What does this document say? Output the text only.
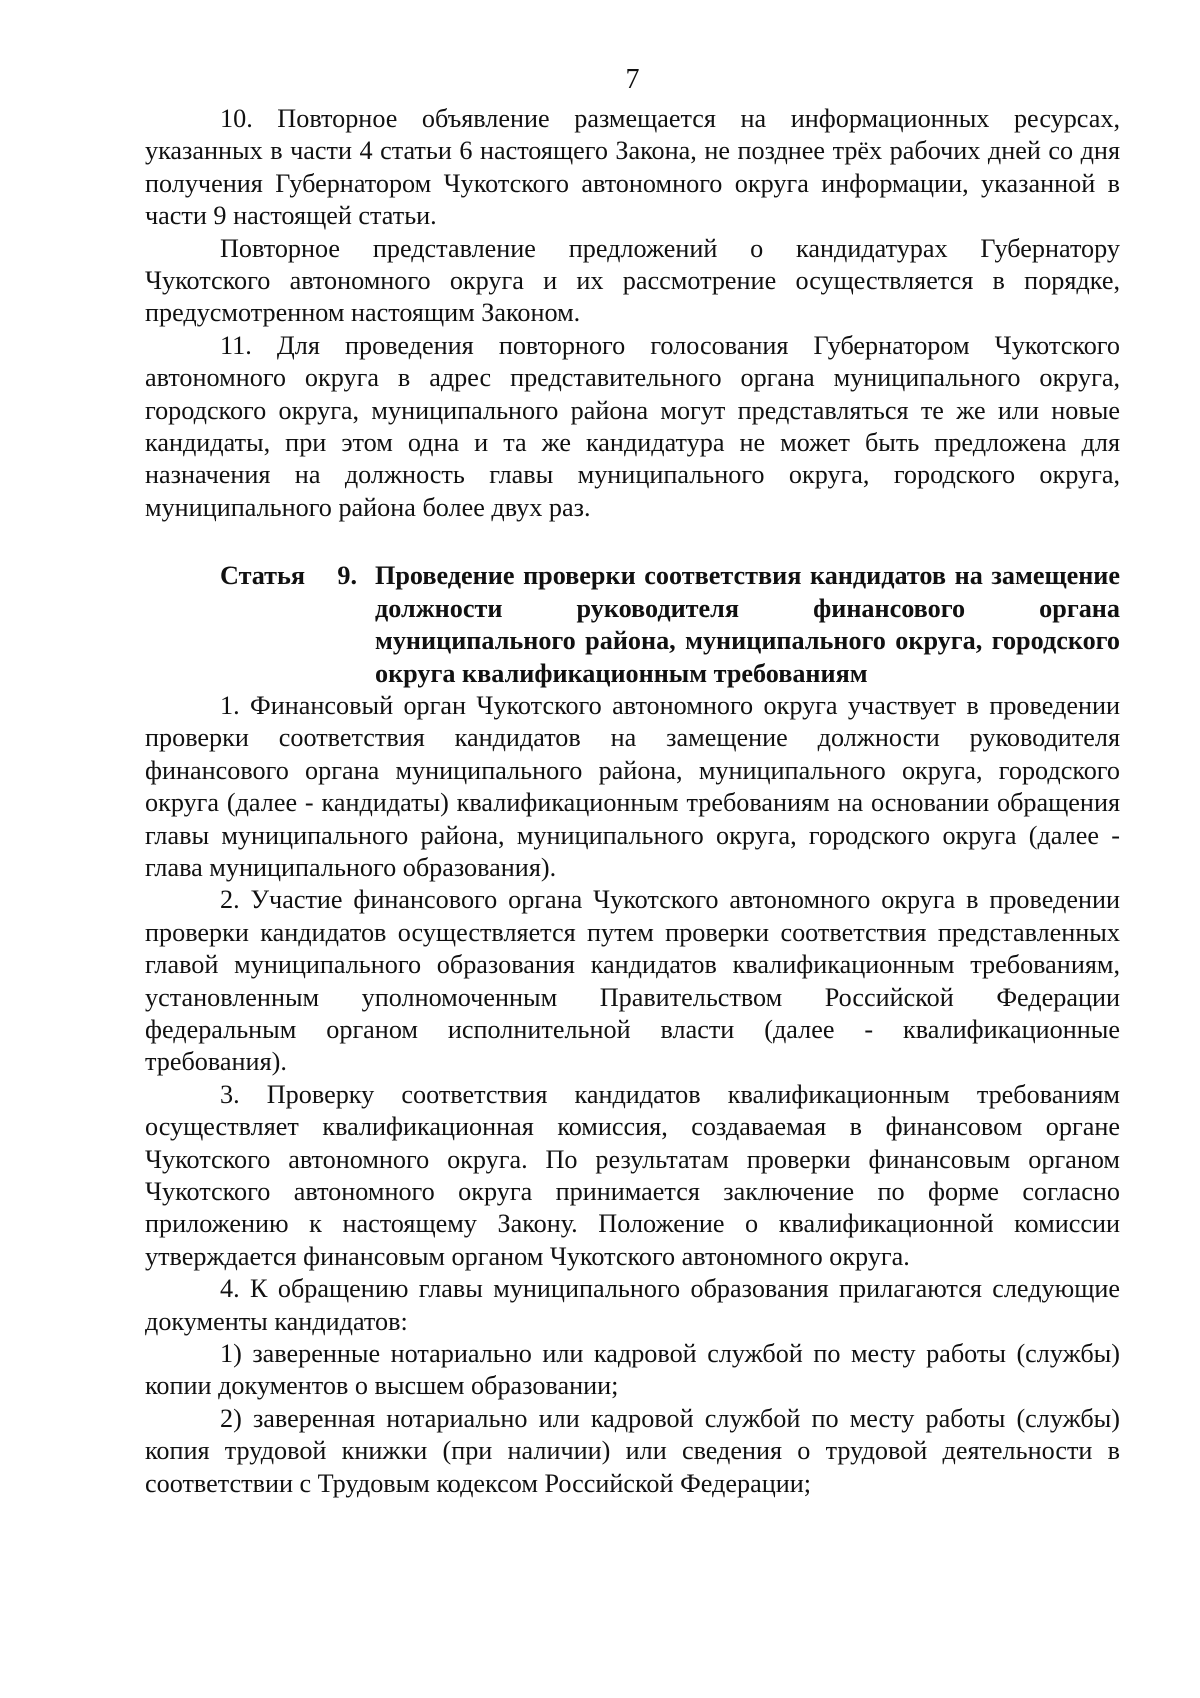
7

10. Повторное объявление размещается на информационных ресурсах, указанных в части 4 статьи 6 настоящего Закона, не позднее трёх рабочих дней со дня получения Губернатором Чукотского автономного округа информации, указанной в части 9 настоящей статьи.

Повторное представление предложений о кандидатурах Губернатору Чукотского автономного округа и их рассмотрение осуществляется в порядке, предусмотренном настоящим Законом.

11. Для проведения повторного голосования Губернатором Чукотского автономного округа в адрес представительного органа муниципального округа, городского округа, муниципального района могут представляться те же или новые кандидаты, при этом одна и та же кандидатура не может быть предложена для назначения на должность главы муниципального округа, городского округа, муниципального района более двух раз.

Статья 9. Проведение проверки соответствия кандидатов на замещение должности руководителя финансового органа муниципального района, муниципального округа, городского округа квалификационным требованиям

1. Финансовый орган Чукотского автономного округа участвует в проведении проверки соответствия кандидатов на замещение должности руководителя финансового органа муниципального района, муниципального округа, городского округа (далее - кандидаты) квалификационным требованиям на основании обращения главы муниципального района, муниципального округа, городского округа (далее - глава муниципального образования).

2. Участие финансового органа Чукотского автономного округа в проведении проверки кандидатов осуществляется путем проверки соответствия представленных главой муниципального образования кандидатов квалификационным требованиям, установленным уполномоченным Правительством Российской Федерации федеральным органом исполнительной власти (далее - квалификационные требования).

3. Проверку соответствия кандидатов квалификационным требованиям осуществляет квалификационная комиссия, создаваемая в финансовом органе Чукотского автономного округа. По результатам проверки финансовым органом Чукотского автономного округа принимается заключение по форме согласно приложению к настоящему Закону. Положение о квалификационной комиссии утверждается финансовым органом Чукотского автономного округа.

4. К обращению главы муниципального образования прилагаются следующие документы кандидатов:

1) заверенные нотариально или кадровой службой по месту работы (службы) копии документов о высшем образовании;

2) заверенная нотариально или кадровой службой по месту работы (службы) копия трудовой книжки (при наличии) или сведения о трудовой деятельности в соответствии с Трудовым кодексом Российской Федерации;
